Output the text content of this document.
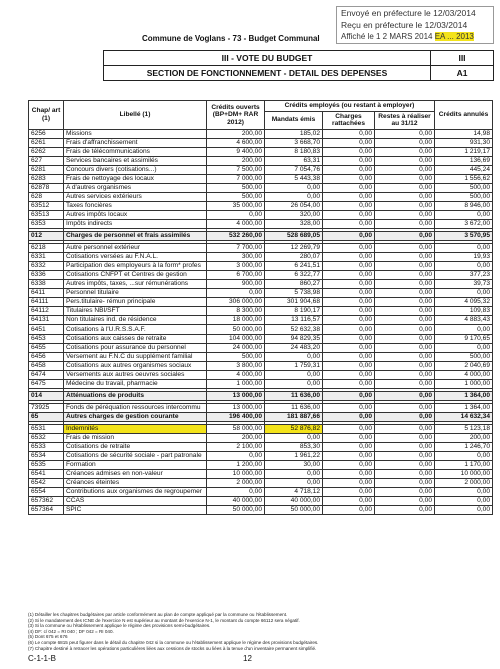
Envoyé en préfecture le 12/03/2014
Reçu en préfecture le 12/03/2014
Affiché le 1 2 MARS 2014 EA ... 2013
Commune de Voglans - 73 - Budget Communal
III - VOTE DU BUDGET	III
SECTION DE FONCTIONNEMENT - DETAIL DES DEPENSES	A1
Chap/ art (1)	Libellé (1)	Crédits ouverts (BP+DM+ RAR 2012)	Crédits employés (ou restant à employer)			Crédits annulés
			Mandats émis	Charges rattachées	Restes à réaliser au 31/12	
6256	Missions	200,00	185,02	0,00	0,00	14,98
6261	Frais d'affranchissement	4 600,00	3 668,70	0,00	0,00	931,30
6262	Frais de télécommunications	9 400,00	8 180,83	0,00	0,00	1 219,17
627	Services bancaires et assimilés	200,00	63,31	0,00	0,00	136,69
6281	Concours divers (cotisations...)	7 500,00	7 054,76	0,00	0,00	445,24
6283	Frais de nettoyage des locaux	7 000,00	5 443,38	0,00	0,00	1 556,62
62878	A d'autres organismes	500,00	0,00	0,00	0,00	500,00
628	Autres services extérieurs	500,00	0,00	0,00	0,00	500,00
63512	Taxes foncières	35 000,00	26 054,00	0,00	0,00	8 946,00
63513	Autres impôts locaux	0,00	320,00	0,00	0,00	0,00
6353	Impôts indirects	4 000,00	328,00	0,00	0,00	3 672,00

012	Charges de personnel et frais assimilés	532 260,00	528 689,05	0,00	0,00	3 570,95

6218	Autre personnel extérieur	7 700,00	12 269,79	0,00	0,00	0,00
6331	Cotisations versées au F.N.A.L.	300,00	280,07	0,00	0,00	19,93
6332	Participation des employeurs à la form* profes	3 000,00	6 241,51	0,00	0,00	0,00
6336	Cotisations CNFPT et Centres de gestion	6 700,00	6 322,77	0,00	0,00	377,23
6338	Autres impôts, taxes, ...sur rémunérations	900,00	860,27	0,00	0,00	39,73
6411	Personnel titulaire	0,00	5 738,98	0,00	0,00	0,00
64111	Pers.titulaire- rémun principale	306 000,00	301 904,68	0,00	0,00	4 095,32
64112	Titulaires NBI/SFT	8 300,00	8 190,17	0,00	0,00	109,83
64131	Non titulaires ind. de résidence	18 000,00	13 116,57	0,00	0,00	4 883,43
6451	Cotisations à l'U.R.S.S.A.F.	50 000,00	52 632,38	0,00	0,00	0,00
6453	Cotisations aux caisses de retraite	104 000,00	94 829,35	0,00	0,00	9 170,65
6455	Cotisations pour assurance du personnel	24 000,00	24 483,20	0,00	0,00	0,00
6456	Versement au F.N.C du supplément familial	500,00	0,00	0,00	0,00	500,00
6458	Cotisations aux autres organismes sociaux	3 800,00	1 759,31	0,00	0,00	2 040,69
6474	Versements aux autres oeuvres sociales	4 000,00	0,00	0,00	0,00	4 000,00
6475	Médecine du travail, pharmacie	1 000,00	0,00	0,00	0,00	1 000,00

014	Atténuations de produits	13 000,00	11 636,00	0,00	0,00	1 364,00

73925	Fonds de péréquation ressources intercommu	13 000,00	11 636,00	0,00	0,00	1 364,00
65	Autres charges de gestion courante	196 400,00	181 887,66	0,00	0,00	14 632,34

6531	Indemnités	58 000,00	52 876,82	0,00	0,00	5 123,18
6532	Frais de mission	200,00	0,00	0,00	0,00	200,00
6533	Cotisations de retraite	2 100,00	853,30	0,00	0,00	1 246,70
6534	Cotisations de sécurité sociale - part patronale	0,00	1 961,22	0,00	0,00	0,00
6535	Formation	1 200,00	30,00	0,00	0,00	1 170,00
6541	Créances admises en non-valeur	10 000,00	0,00	0,00	0,00	10 000,00
6542	Créances éteintes	2 000,00	0,00	0,00	0,00	2 000,00
6554	Contributions aux organismes de regroupemer	0,00	4 718,12	0,00	0,00	0,00
657362	CCAS	40 000,00	40 000,00	0,00	0,00	0,00
657364	SPIC	50 000,00	50 000,00	0,00	0,00	0,00
(1) Détailler les chapitres budgétaires par article conformément au plan de compte appliqué par la commune ou l'établissement.
(2) Si le mandatement des ICNE de l'exercice N est supérieur au montant de l'exercice N-1, le montant du compte 66112 sera négatif.
(3) Si la commune ou l'établissement applique le régime des provisions semi-budgétaires.
(4) DF: c/ 042 = RI 040 ; DF 042 = RI 040.
(5) Dont 675 et 676
(6) Le compte 6815 peut figurer dans le détail du chapitre 042 si la commune ou l'établissement applique le régime des provisions budgétaires.
(7) Chapitre destiné à retracer les opérations particulières liées aux cessions de stocks ou liées à la tenue d'un inventaire permanent simplifié.
C-1-1-B	12
